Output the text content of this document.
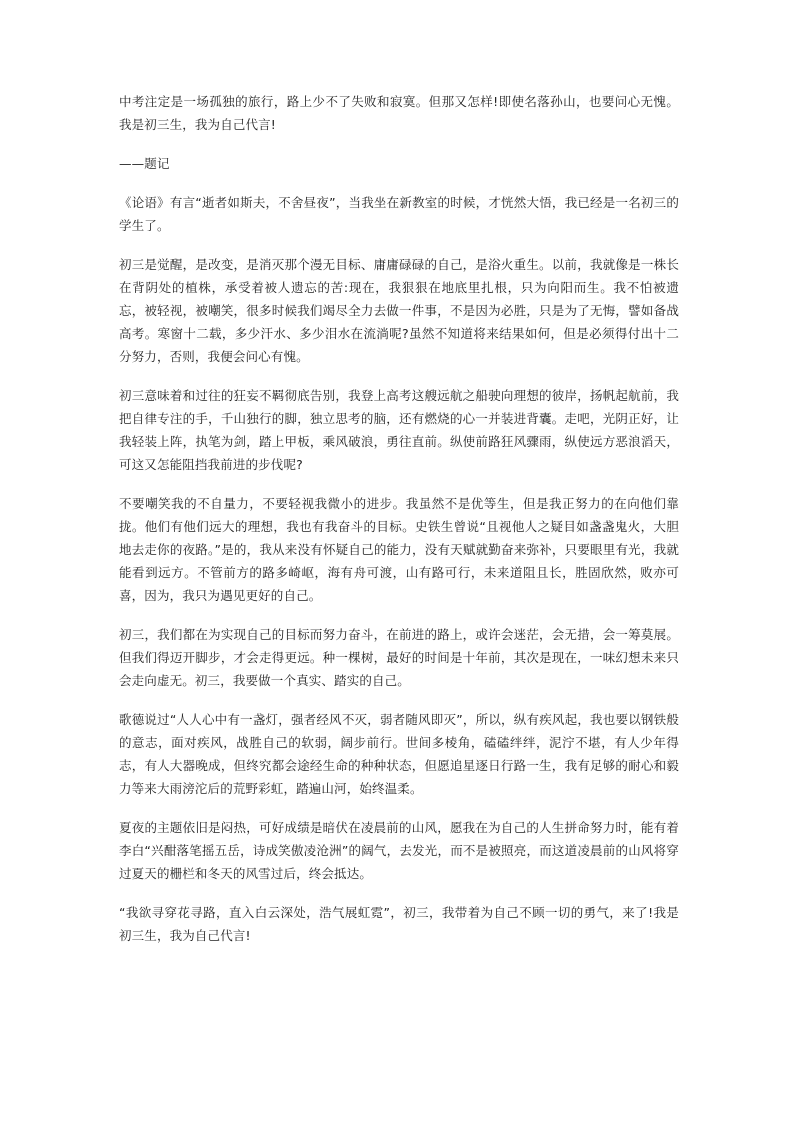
中考注定是一场孤独的旅行，路上少不了失败和寂寞。但那又怎样!即使名落孙山，也要问心无愧。我是初三生，我为自己代言!

——题记

《论语》有言“逝者如斯夫，不舍昼夜”，当我坐在新教室的时候，才恍然大悟，我已经是一名初三的学生了。

初三是觉醒，是改变，是消灭那个漫无目标、庸庸碌碌的自己，是浴火重生。以前，我就像是一株长在背阴处的植株，承受着被人遗忘的苦:现在，我狠狠在地底里扎根，只为向阳而生。我不怕被遗忘，被轻视，被嘲笑，很多时候我们竭尽全力去做一件事，不是因为必胜，只是为了无悔，譬如备战高考。寒窗十二载，多少汗水、多少泪水在流淌呢?虽然不知道将来结果如何，但是必须得付出十二分努力，否则，我便会问心有愧。

初三意味着和过往的狂妄不羁彻底告别，我登上高考这艘远航之船驶向理想的彼岸，扬帆起航前，我把自律专注的手，千山独行的脚，独立思考的脑，还有燃烧的心一并装进背囊。走吧，光阴正好，让我轻装上阵，执笔为剑，踏上甲板，乘风破浪，勇往直前。纵使前路狂风骤雨，纵使远方恶浪滔天，可这又怎能阻挡我前进的步伐呢?

不要嘲笑我的不自量力，不要轻视我微小的进步。我虽然不是优等生，但是我正努力的在向他们靠拢。他们有他们远大的理想，我也有我奋斗的目标。史铁生曾说“且视他人之疑目如盏盏鬼火，大胆地去走你的夜路。”是的，我从来没有怀疑自己的能力，没有天赋就勤奋来弥补，只要眼里有光，我就能看到远方。不管前方的路多崎岖，海有舟可渡，山有路可行，未来道阻且长，胜固欣然，败亦可喜，因为，我只为遇见更好的自己。

初三，我们都在为实现自己的目标而努力奋斗，在前进的路上，或许会迷茫，会无措，会一筹莫展。但我们得迈开脚步，才会走得更远。种一棵树，最好的时间是十年前，其次是现在，一味幻想未来只会走向虚无。初三，我要做一个真实、踏实的自己。

歌德说过“人人心中有一盏灯，强者经风不灭，弱者随风即灭”，所以，纵有疾风起，我也要以钢铁般的意志，面对疾风，战胜自己的软弱，阔步前行。世间多棱角，磕磕绊绊，泥泞不堪，有人少年得志，有人大器晚成，但终究都会途经生命的种种状态，但愿追星逐日行路一生，我有足够的耐心和毅力等来大雨滂沱后的荒野彩虹，踏遍山河，始终温柔。

夏夜的主题依旧是闷热，可好成绩是暗伏在凌晨前的山风，愿我在为自己的人生拼命努力时，能有着李白“兴酣落笔摇五岳，诗成笑傲凌沧洲”的阔气，去发光，而不是被照亮，而这道凌晨前的山风将穿过夏天的栅栏和冬天的风雪过后，终会抵达。

“我欲寻穿花寻路，直入白云深处，浩气展虹霓”，初三，我带着为自己不顾一切的勇气，来了!我是初三生，我为自己代言!
